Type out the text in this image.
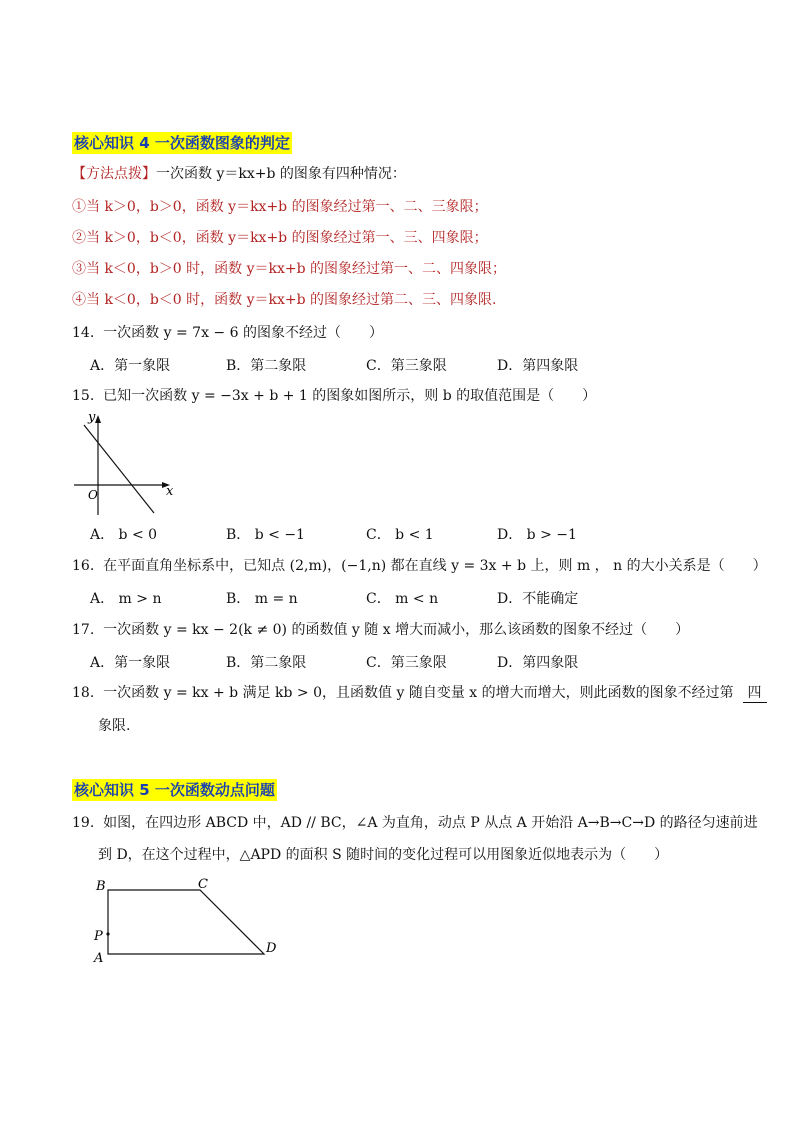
核心知识 4 一次函数图象的判定
【方法点拨】一次函数 y＝kx+b 的图象有四种情况：
①当 k＞0，b＞0，函数 y＝kx+b 的图象经过第一、二、三象限；
②当 k＞0，b＜0，函数 y＝kx+b 的图象经过第一、三、四象限；
③当 k＜0，b＞0 时，函数 y＝kx+b 的图象经过第一、二、四象限；
④当 k＜0，b＜0 时，函数 y＝kx+b 的图象经过第二、三、四象限.
14. 一次函数 y = 7x − 6 的图象不经过（　　）
A．第一象限	B．第二象限	C．第三象限	D．第四象限
15. 已知一次函数 y = −3x + b + 1 的图象如图所示，则 b 的取值范围是（　　）
y
x
O
A． b < 0	B． b < −1	C． b < 1	D． b > −1
16. 在平面直角坐标系中，已知点 (2,m)，(−1,n) 都在直线 y = 3x + b 上，则 m ， n 的大小关系是（　　）
A． m > n	B． m = n	C． m < n	D．不能确定
17. 一次函数 y = kx − 2(k ≠ 0) 的函数值 y 随 x 增大而减小，那么该函数的图象不经过（　　）
A．第一象限	B．第二象限	C．第三象限	D．第四象限
18. 一次函数 y = kx + b 满足 kb > 0，且函数值 y 随自变量 x 的增大而增大，则此函数的图象不经过第 四
象限.
核心知识 5 一次函数动点问题
19. 如图，在四边形 ABCD 中，AD // BC，∠A 为直角，动点 P 从点 A 开始沿 A→B→C→D 的路径匀速前进
到 D，在这个过程中，△APD 的面积 S 随时间的变化过程可以用图象近似地表示为（　　）
B	C
P
A
D
